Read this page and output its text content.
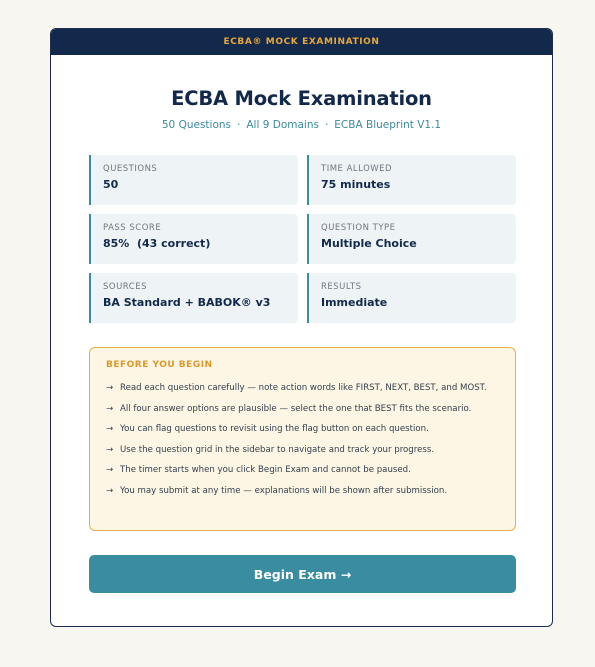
ECBA® MOCK EXAMINATION
ECBA Mock Examination
50 Questions · All 9 Domains · ECBA Blueprint V1.1
QUESTIONS
50
TIME ALLOWED
75 minutes
PASS SCORE
85%  (43 correct)
QUESTION TYPE
Multiple Choice
SOURCES
BA Standard + BABOK® v3
RESULTS
Immediate
BEFORE YOU BEGIN
→ Read each question carefully — note action words like FIRST, NEXT, BEST, and MOST.
→ All four answer options are plausible — select the one that BEST fits the scenario.
→ You can flag questions to revisit using the flag button on each question.
→ Use the question grid in the sidebar to navigate and track your progress.
→ The timer starts when you click Begin Exam and cannot be paused.
→ You may submit at any time — explanations will be shown after submission.
Begin Exam →
